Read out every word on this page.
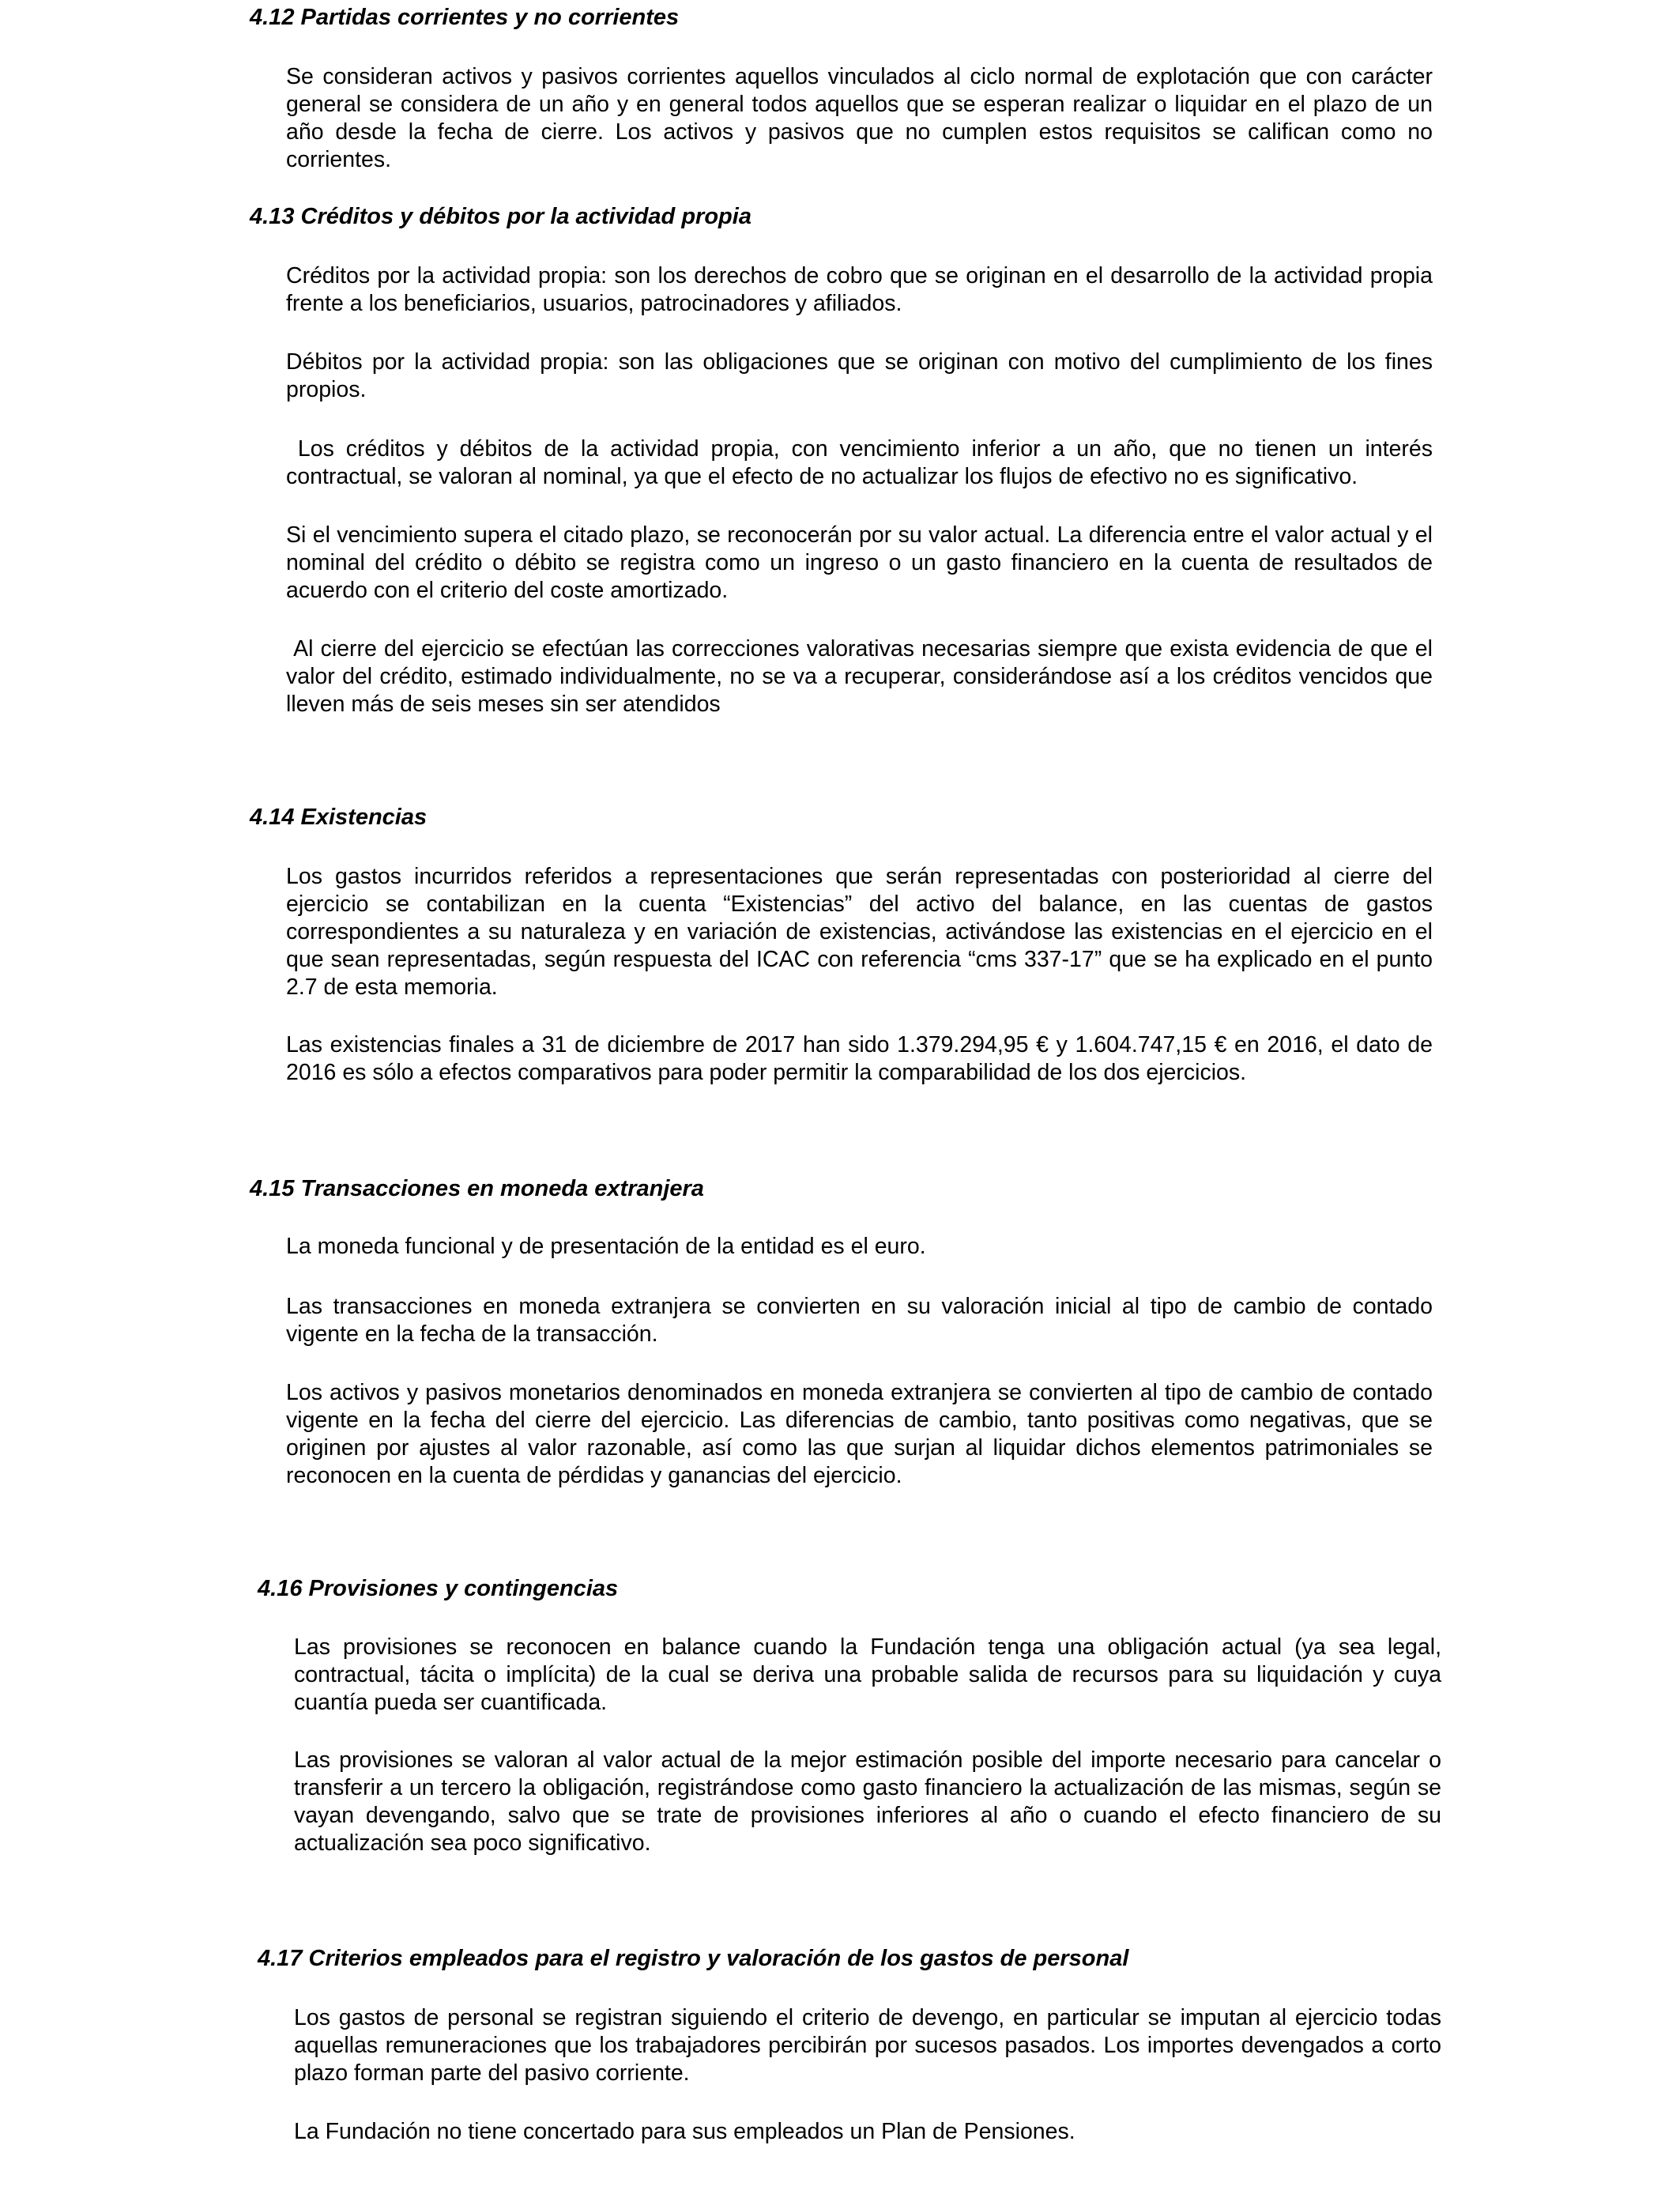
4.12 Partidas corrientes y no corrientes

Se consideran activos y pasivos corrientes aquellos vinculados al ciclo normal de explotación que con carácter general se considera de un año y en general todos aquellos que se esperan realizar o liquidar en el plazo de un año desde la fecha de cierre. Los activos y pasivos que no cumplen estos requisitos se califican como no corrientes.

4.13 Créditos y débitos por la actividad propia

Créditos por la actividad propia: son los derechos de cobro que se originan en el desarrollo de la actividad propia frente a los beneficiarios, usuarios, patrocinadores y afiliados.

Débitos por la actividad propia: son las obligaciones que se originan con motivo del cumplimiento de los fines propios.

Los créditos y débitos de la actividad propia, con vencimiento inferior a un año, que no tienen un interés contractual, se valoran al nominal, ya que el efecto de no actualizar los flujos de efectivo no es significativo.

Si el vencimiento supera el citado plazo, se reconocerán por su valor actual. La diferencia entre el valor actual y el nominal del crédito o débito se registra como un ingreso o un gasto financiero en la cuenta de resultados de acuerdo con el criterio del coste amortizado.

Al cierre del ejercicio se efectúan las correcciones valorativas necesarias siempre que exista evidencia de que el valor del crédito, estimado individualmente, no se va a recuperar, considerándose así a los créditos vencidos que lleven más de seis meses sin ser atendidos

4.14 Existencias

Los gastos incurridos referidos a representaciones que serán representadas con posterioridad al cierre del ejercicio se contabilizan en la cuenta “Existencias” del activo del balance, en las cuentas de gastos correspondientes a su naturaleza y en variación de existencias, activándose las existencias en el ejercicio en el que sean representadas, según respuesta del ICAC con referencia “cms 337-17” que se ha explicado en el punto 2.7 de esta memoria.

Las existencias finales a 31 de diciembre de 2017 han sido 1.379.294,95 € y 1.604.747,15 € en 2016, el dato de 2016 es sólo a efectos comparativos para poder permitir la comparabilidad de los dos ejercicios.

4.15 Transacciones en moneda extranjera

La moneda funcional y de presentación de la entidad es el euro.

Las transacciones en moneda extranjera se convierten en su valoración inicial al tipo de cambio de contado vigente en la fecha de la transacción.

Los activos y pasivos monetarios denominados en moneda extranjera se convierten al tipo de cambio de contado vigente en la fecha del cierre del ejercicio. Las diferencias de cambio, tanto positivas como negativas, que se originen por ajustes al valor razonable, así como las que surjan al liquidar dichos elementos patrimoniales se reconocen en la cuenta de pérdidas y ganancias del ejercicio.

4.16 Provisiones y contingencias

Las provisiones se reconocen en balance cuando la Fundación tenga una obligación actual (ya sea legal, contractual, tácita o implícita) de la cual se deriva una probable salida de recursos para su liquidación y cuya cuantía pueda ser cuantificada.

Las provisiones se valoran al valor actual de la mejor estimación posible del importe necesario para cancelar o transferir a un tercero la obligación, registrándose como gasto financiero la actualización de las mismas, según se vayan devengando, salvo que se trate de provisiones inferiores al año o cuando el efecto financiero de su actualización sea poco significativo.

4.17 Criterios empleados para el registro y valoración de los gastos de personal

Los gastos de personal se registran siguiendo el criterio de devengo, en particular se imputan al ejercicio todas aquellas remuneraciones que los trabajadores percibirán por sucesos pasados. Los importes devengados a corto plazo forman parte del pasivo corriente.

La Fundación no tiene concertado para sus empleados un Plan de Pensiones.
